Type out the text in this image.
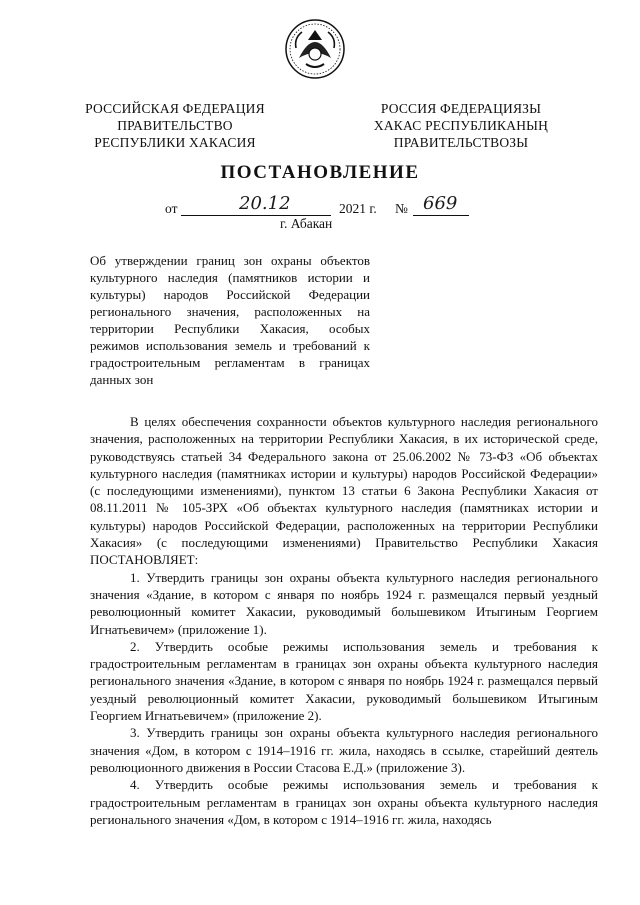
РОССИЙСКАЯ ФЕДЕРАЦИЯ
ПРАВИТЕЛЬСТВО
РЕСПУБЛИКИ ХАКАСИЯ
РОССИЯ ФЕДЕРАЦИЯЗЫ
ХАКАС РЕСПУБЛИКАНЫҢ
ПРАВИТЕЛЬСТВОЗЫ
ПОСТАНОВЛЕНИЕ
от	20.12	2021 г. № 669
г. Абакан
Об утверждении границ зон охраны объектов культурного наследия (памятников истории и культуры) народов Российской Федерации регионального значения, расположенных на территории Республики Хакасия, особых режимов использования земель и требований к градостроительным регламентам в границах данных зон

В целях обеспечения сохранности объектов культурного наследия регионального значения, расположенных на территории Республики Хакасия, в их исторической среде, руководствуясь статьей 34 Федерального закона от 25.06.2002 № 73-ФЗ «Об объектах культурного наследия (памятниках истории и культуры) народов Российской Федерации» (с последующими изменениями), пунктом 13 статьи 6 Закона Республики Хакасия от 08.11.2011 № 105-ЗРХ «Об объектах культурного наследия (памятниках истории и культуры) народов Российской Федерации, расположенных на территории Республики Хакасия» (с последующими изменениями) Правительство Республики Хакасия ПОСТАНОВЛЯЕТ:

1. Утвердить границы зон охраны объекта культурного наследия регионального значения «Здание, в котором с января по ноябрь 1924 г. размещался первый уездный революционный комитет Хакасии, руководимый большевиком Итыгиным Георгием Игнатьевичем» (приложение 1).

2. Утвердить особые режимы использования земель и требования к градостроительным регламентам в границах зон охраны объекта культурного наследия регионального значения «Здание, в котором с января по ноябрь 1924 г. размещался первый уездный революционный комитет Хакасии, руководимый большевиком Итыгиным Георгием Игнатьевичем» (приложение 2).

3. Утвердить границы зон охраны объекта культурного наследия регионального значения «Дом, в котором с 1914–1916 гг. жила, находясь в ссылке, старейший деятель революционного движения в России Стасова Е.Д.» (приложение 3).

4. Утвердить особые режимы использования земель и требования к градостроительным регламентам в границах зон охраны объекта культурного наследия регионального значения «Дом, в котором с 1914–1916 гг. жила, находясь
